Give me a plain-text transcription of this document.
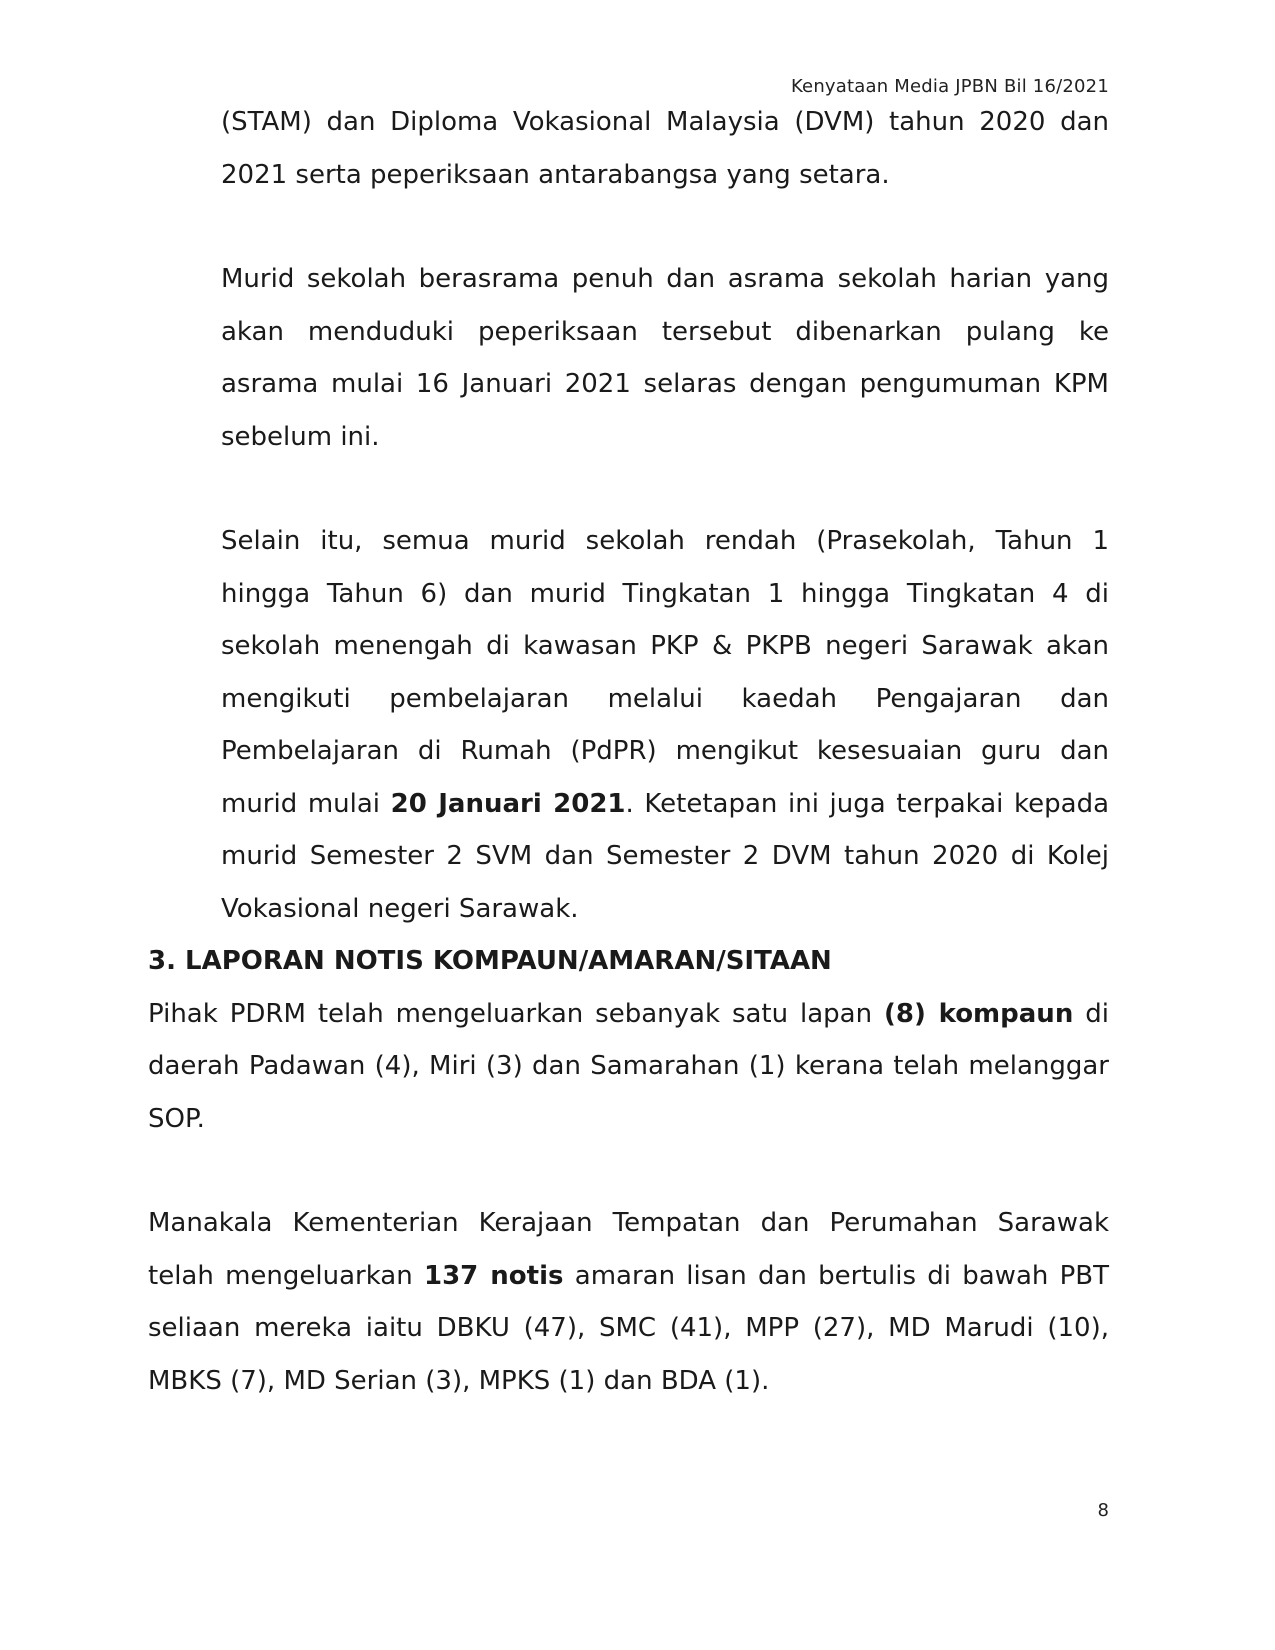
Kenyataan Media JPBN Bil 16/2021

(STAM) dan Diploma Vokasional Malaysia (DVM) tahun 2020 dan 2021 serta peperiksaan antarabangsa yang setara.

Murid sekolah berasrama penuh dan asrama sekolah harian yang akan menduduki peperiksaan tersebut dibenarkan pulang ke asrama mulai 16 Januari 2021 selaras dengan pengumuman KPM sebelum ini.

Selain itu, semua murid sekolah rendah (Prasekolah, Tahun 1 hingga Tahun 6) dan murid Tingkatan 1 hingga Tingkatan 4 di sekolah menengah di kawasan PKP & PKPB negeri Sarawak akan mengikuti pembelajaran melalui kaedah Pengajaran dan Pembelajaran di Rumah (PdPR) mengikut kesesuaian guru dan murid mulai 20 Januari 2021. Ketetapan ini juga terpakai kepada murid Semester 2 SVM dan Semester 2 DVM tahun 2020 di Kolej Vokasional negeri Sarawak.

3. LAPORAN NOTIS KOMPAUN/AMARAN/SITAAN

Pihak PDRM telah mengeluarkan sebanyak satu lapan (8) kompaun di daerah Padawan (4), Miri (3) dan Samarahan (1) kerana telah melanggar SOP.

Manakala Kementerian Kerajaan Tempatan dan Perumahan Sarawak telah mengeluarkan 137 notis amaran lisan dan bertulis di bawah PBT seliaan mereka iaitu DBKU (47), SMC (41), MPP (27), MD Marudi (10), MBKS (7), MD Serian (3), MPKS (1) dan BDA (1).

8
